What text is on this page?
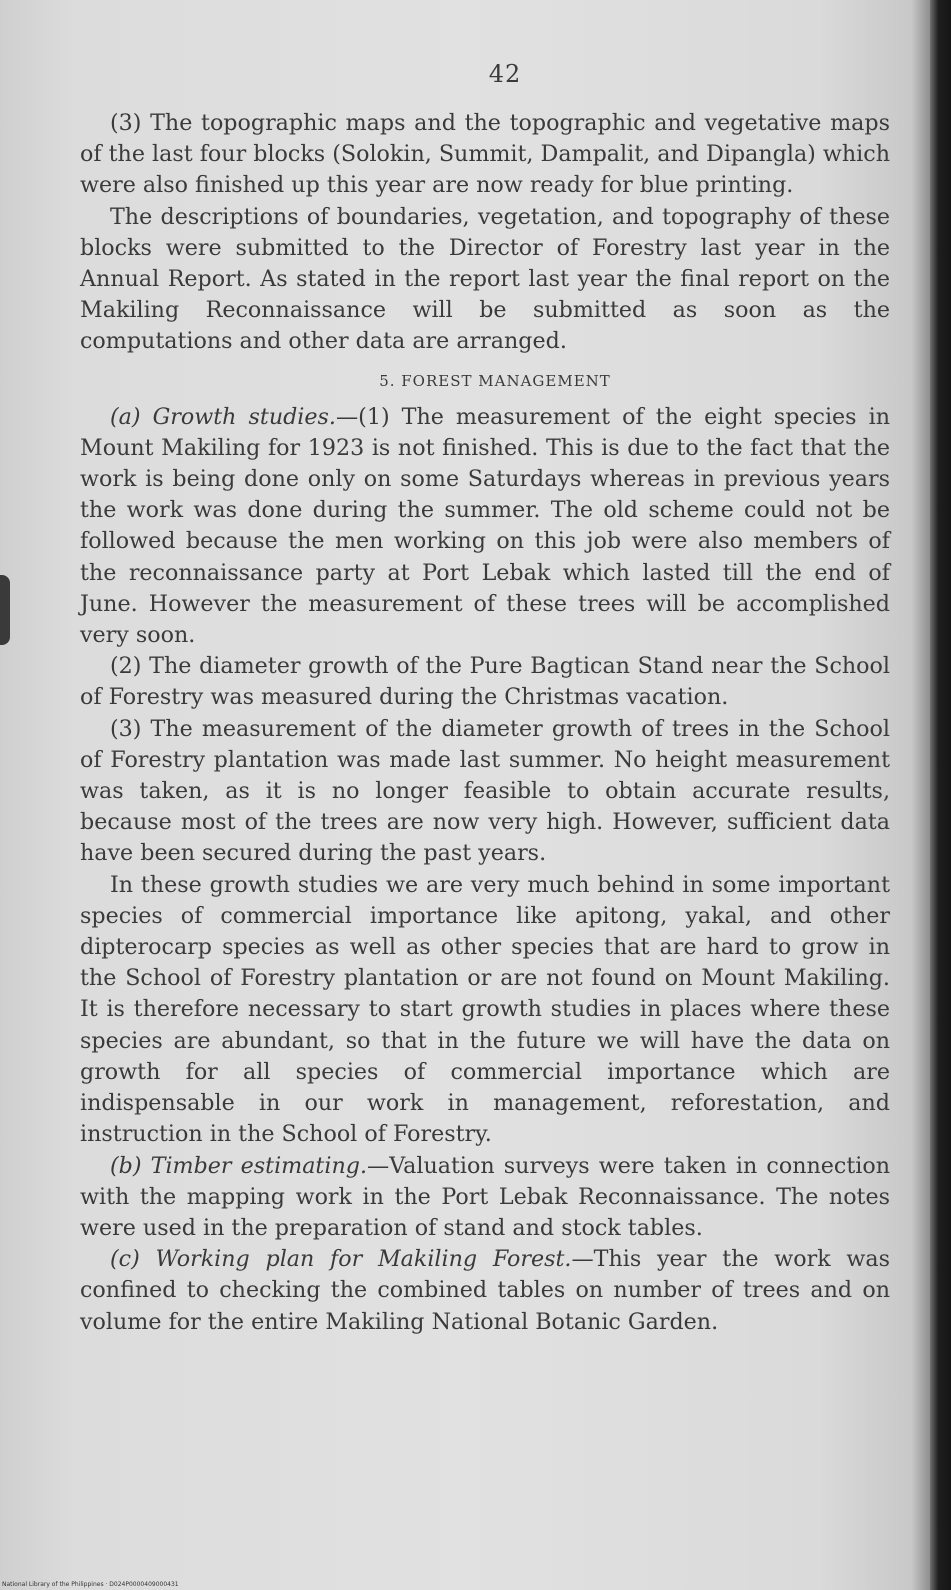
42

(3) The topographic maps and the topographic and vegetative maps of the last four blocks (Solokin, Summit, Dampalit, and Dipangla) which were also finished up this year are now ready for blue printing.

The descriptions of boundaries, vegetation, and topography of these blocks were submitted to the Director of Forestry last year in the Annual Report. As stated in the report last year the final report on the Makiling Reconnaissance will be submitted as soon as the computations and other data are arranged.

5. FOREST MANAGEMENT

(a) Growth studies.—(1) The measurement of the eight species in Mount Makiling for 1923 is not finished. This is due to the fact that the work is being done only on some Saturdays whereas in previous years the work was done during the summer. The old scheme could not be followed because the men working on this job were also members of the reconnaissance party at Port Lebak which lasted till the end of June. However the measurement of these trees will be accomplished very soon.

(2) The diameter growth of the Pure Bagtican Stand near the School of Forestry was measured during the Christmas vacation.

(3) The measurement of the diameter growth of trees in the School of Forestry plantation was made last summer. No height measurement was taken, as it is no longer feasible to obtain accurate results, because most of the trees are now very high. However, sufficient data have been secured during the past years.

In these growth studies we are very much behind in some important species of commercial importance like apitong, yakal, and other dipterocarp species as well as other species that are hard to grow in the School of Forestry plantation or are not found on Mount Makiling. It is therefore necessary to start growth studies in places where these species are abundant, so that in the future we will have the data on growth for all species of commercial importance which are indispensable in our work in management, reforestation, and instruction in the School of Forestry.

(b) Timber estimating.—Valuation surveys were taken in connection with the mapping work in the Port Lebak Reconnaissance. The notes were used in the preparation of stand and stock tables.

(c) Working plan for Makiling Forest.—This year the work was confined to checking the combined tables on number of trees and on volume for the entire Makiling National Botanic Garden.

National Library of the Philippines · D024P0000409000431
